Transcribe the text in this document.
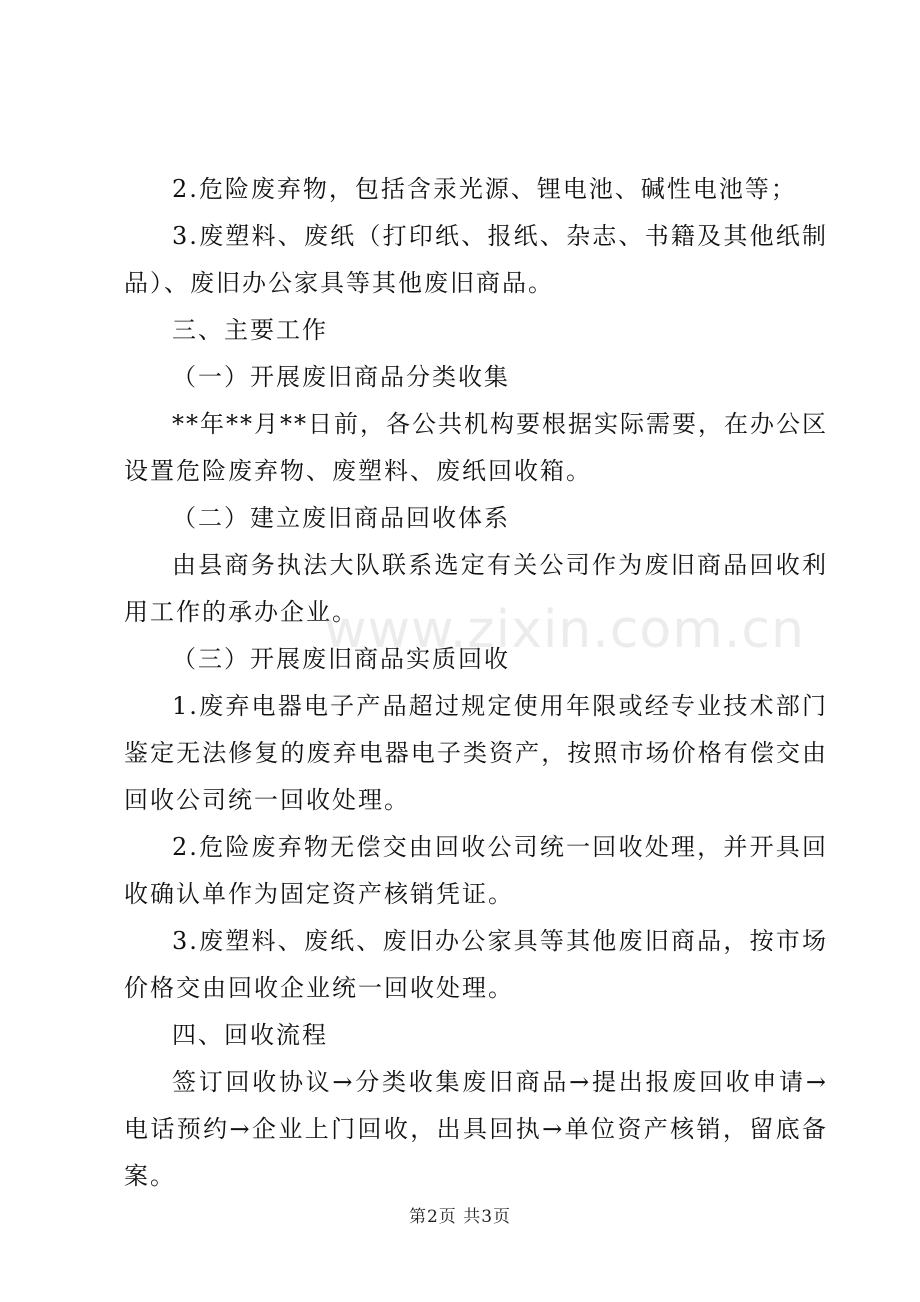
2.危险废弃物，包括含汞光源、锂电池、碱性电池等；

3.废塑料、废纸（打印纸、报纸、杂志、书籍及其他纸制品）、废旧办公家具等其他废旧商品。

三、主要工作

（一）开展废旧商品分类收集

**年**月**日前，各公共机构要根据实际需要，在办公区设置危险废弃物、废塑料、废纸回收箱。

（二）建立废旧商品回收体系

由县商务执法大队联系选定有关公司作为废旧商品回收利用工作的承办企业。

（三）开展废旧商品实质回收

1.废弃电器电子产品超过规定使用年限或经专业技术部门鉴定无法修复的废弃电器电子类资产，按照市场价格有偿交由回收公司统一回收处理。

2.危险废弃物无偿交由回收公司统一回收处理，并开具回收确认单作为固定资产核销凭证。

3.废塑料、废纸、废旧办公家具等其他废旧商品，按市场价格交由回收企业统一回收处理。

四、回收流程

签订回收协议→分类收集废旧商品→提出报废回收申请→电话预约→企业上门回收，出具回执→单位资产核销，留底备案。

www.zixin.com.cn
第2页 共3页
